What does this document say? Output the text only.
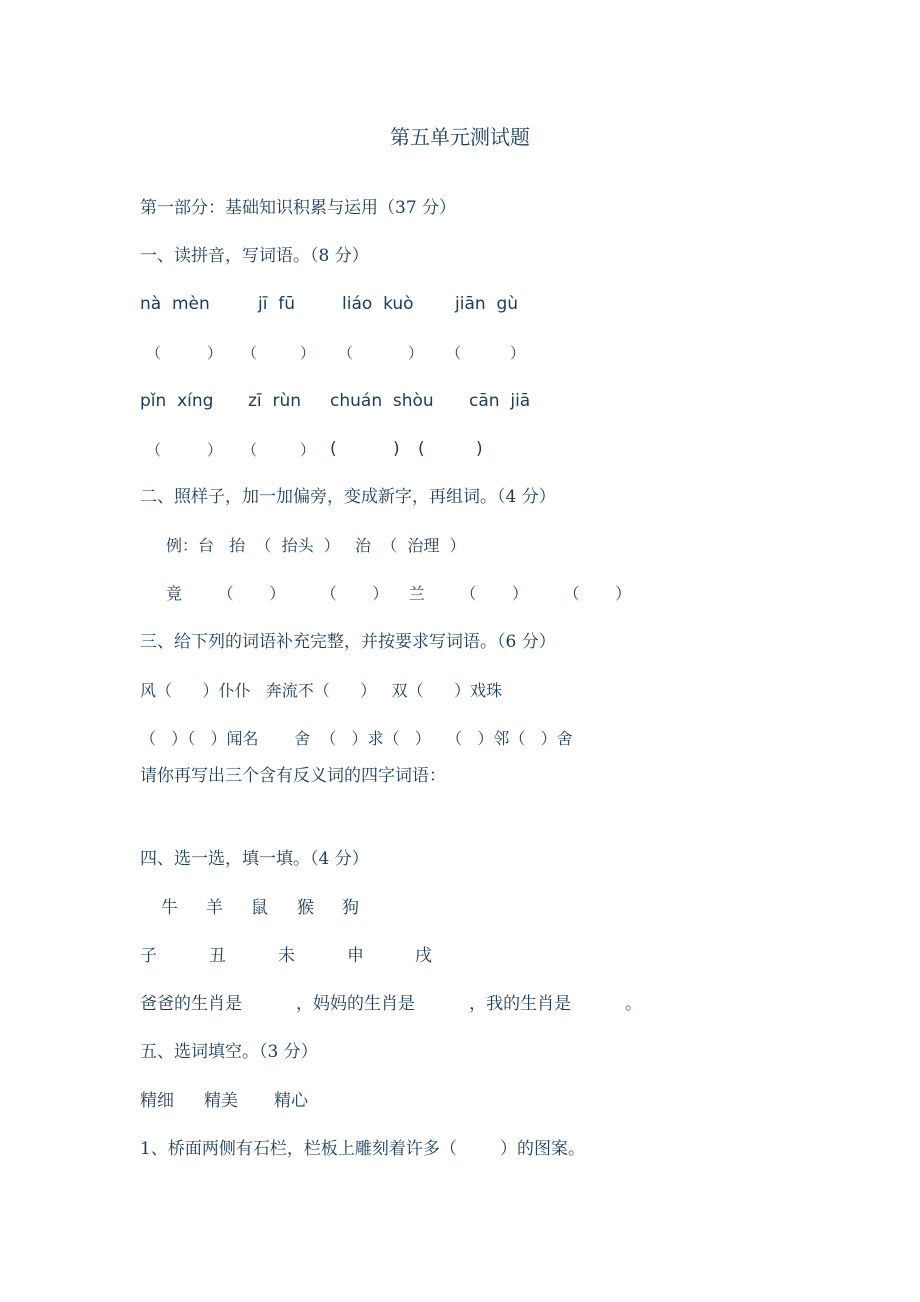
第五单元测试题
第一部分：基础知识积累与运用（37 分）
一、读拼音，写词语。（8 分）
nà  mèn	jī  fū	liáo  kuò jiān  gù
（	） （	） （	） （	）
pǐn  xíng zī  rùn chuán  shòu cān  jiā
（	） （	） (	) (	)
二、照样子，加一加偏旁，变成新字，再组词。（4 分）
例：台   抬  （  抬头  ）   治  （  治理  ）
竟       （       ）       （       ）    兰       （       ）       （       ）
三、给下列的词语补充完整，并按要求写词语。（6 分）
风（      ）仆仆   奔流不（      ）   双（      ）戏珠
（   ）（   ）闻名       舍  （   ）求（   ）   （   ）邻（   ）舍
请你再写出三个含有反义词的四字词语：
四、选一选，填一填。（4 分）
牛 羊 鼠 猴 狗
子	丑	未	申	戌
爸爸的生肖是          ，妈妈的生肖是          ，我的生肖是          。
五、选词填空。（3 分）
精细 精美 精心
1、桥面两侧有石栏，栏板上雕刻着许多（        ）的图案。
